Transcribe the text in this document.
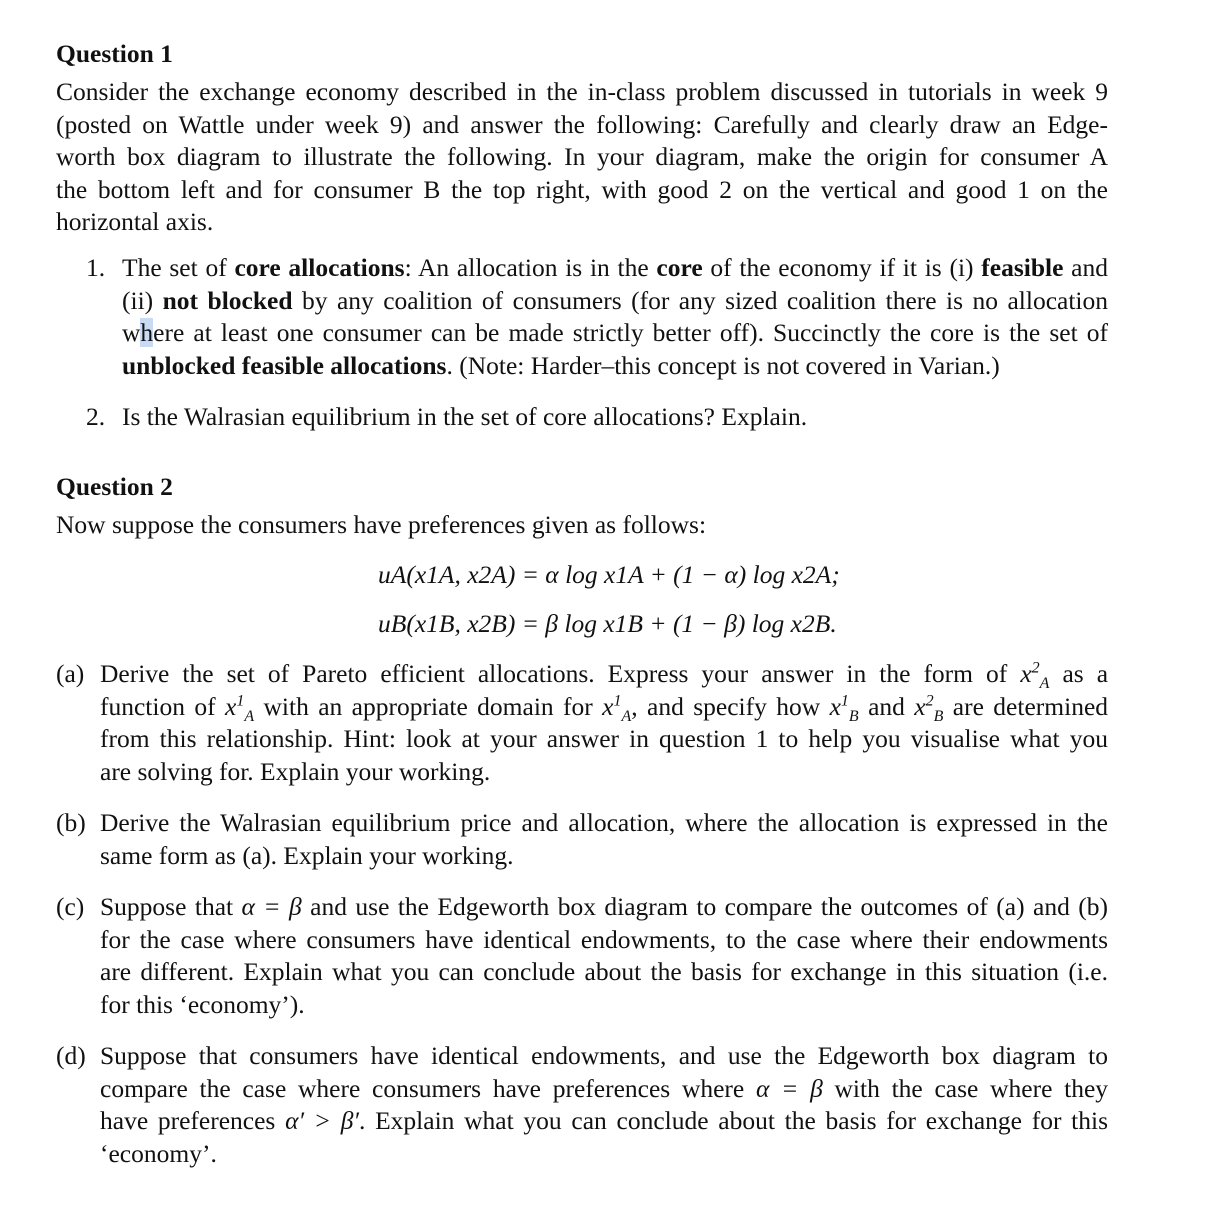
Question 1
Consider the exchange economy described in the in-class problem discussed in tutorials in week 9
(posted on Wattle under week 9) and answer the following: Carefully and clearly draw an Edge-
worth box diagram to illustrate the following. In your diagram, make the origin for consumer A
the bottom left and for consumer B the top right, with good 2 on the vertical and good 1 on the
horizontal axis.
1. The set of core allocations: An allocation is in the core of the economy if it is (i) feasible and
(ii) not blocked by any coalition of consumers (for any sized coalition there is no allocation
where at least one consumer can be made strictly better off). Succinctly the core is the set of
unblocked feasible allocations. (Note: Harder–this concept is not covered in Varian.)
2. Is the Walrasian equilibrium in the set of core allocations? Explain.
Question 2
Now suppose the consumers have preferences given as follows:
uA(x1A, x2A) = α log x1A + (1 − α) log x2A;
uB(x1B, x2B) = β log x1B + (1 − β) log x2B.
(a) Derive the set of Pareto efficient allocations. Express your answer in the form of $x^2_A$ as a
function of $x^1_A$ with an appropriate domain for $x^1_A$, and specify how $x^1_B$ and $x^2_B$ are determined
from this relationship. Hint: look at your answer in question 1 to help you visualise what you
are solving for. Explain your working.
(b) Derive the Walrasian equilibrium price and allocation, where the allocation is expressed in the
same form as (a). Explain your working.
(c) Suppose that α = β and use the Edgeworth box diagram to compare the outcomes of (a) and (b)
for the case where consumers have identical endowments, to the case where their endowments
are different. Explain what you can conclude about the basis for exchange in this situation (i.e.
for this ‘economy’).
(d) Suppose that consumers have identical endowments, and use the Edgeworth box diagram to
compare the case where consumers have preferences where α = β with the case where they
have preferences α′ > β′. Explain what you can conclude about the basis for exchange for this
‘economy’.
